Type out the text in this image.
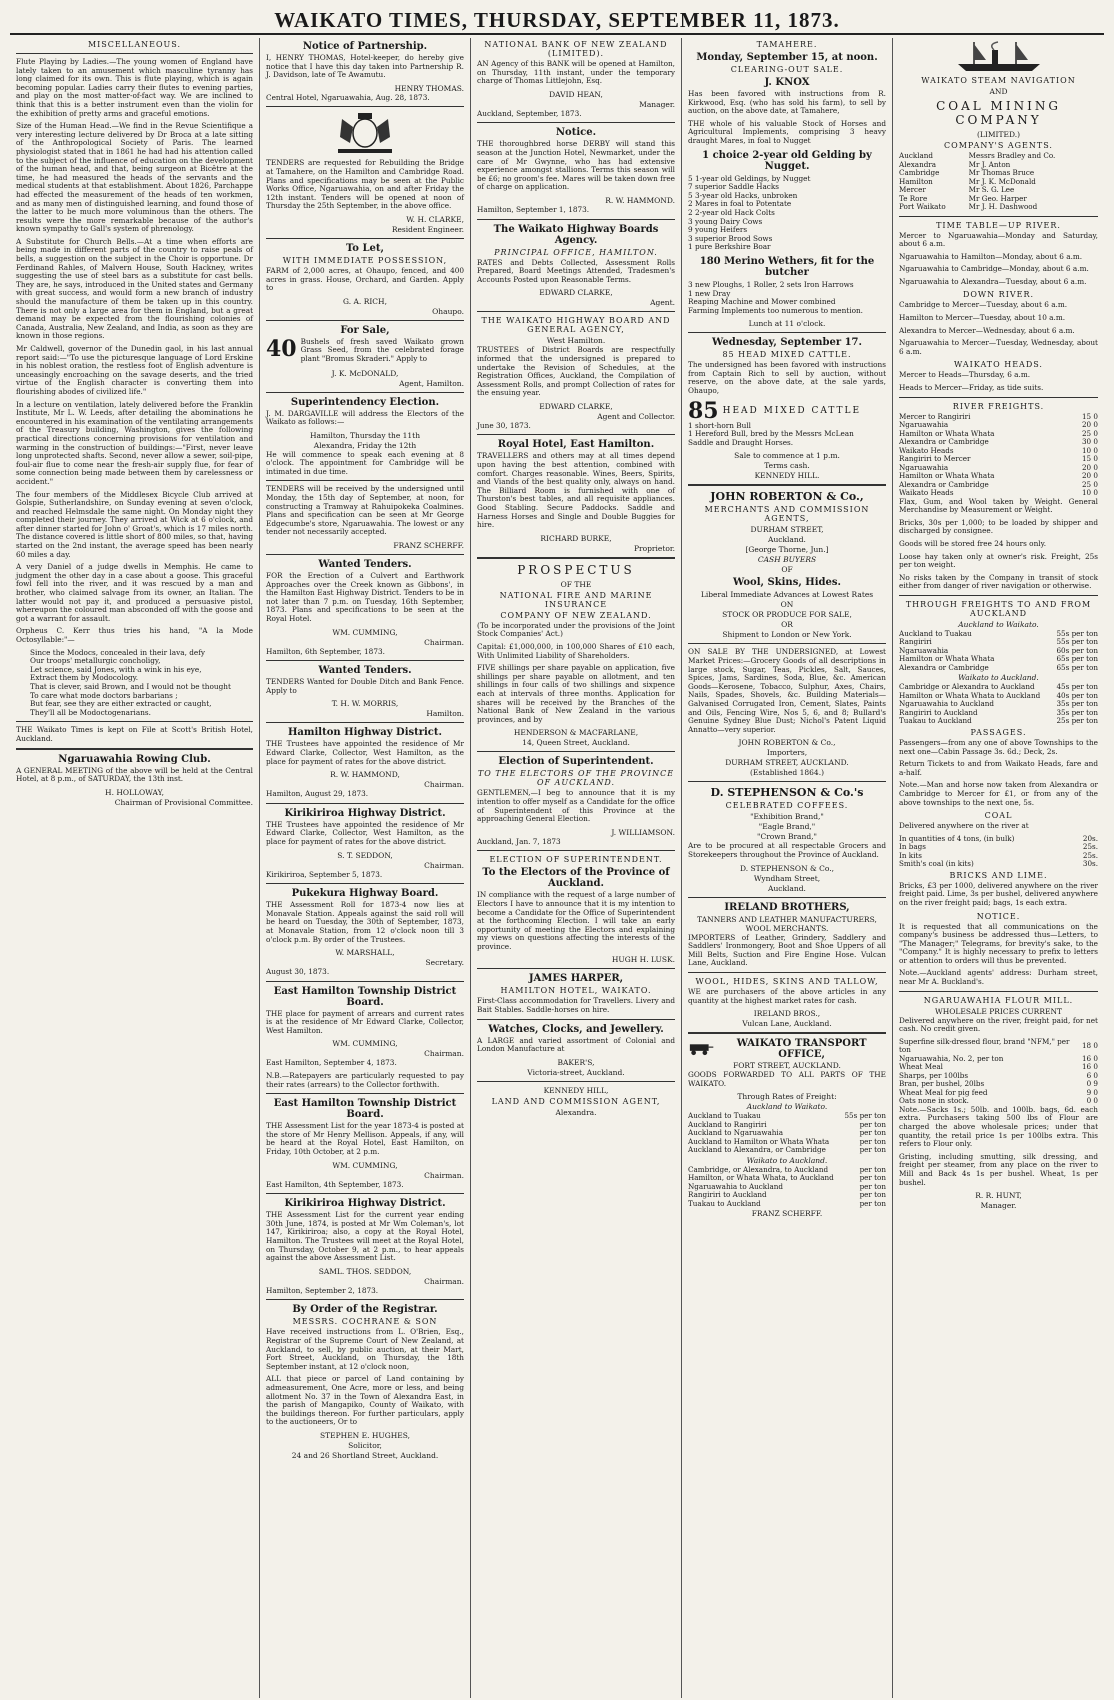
WAIKATO TIMES, THURSDAY, SEPTEMBER 11, 1873.
MISCELLANEOUS.

Flute Playing by Ladies.—The young women of England have lately taken to an amusement which masculine tyranny has long claimed for its own. This is flute playing, which is again becoming popular. Ladies carry their flutes to evening parties, and play on the most matter-of-fact way. We are inclined to think that this is a better instrument even than the violin for the exhibition of pretty arms and graceful emotions.

Size of the Human Head.—We find in the Revue Scientifique a very interesting lecture delivered by Dr Broca at a late sitting of the Anthropological Society of Paris. The learned physiologist stated that in 1861 he had had his attention called to the subject of the influence of education on the development of the human head, and that, being surgeon at Bicêtre at the time, he had measured the heads of the servants and the medical students at that establishment. About 1826, Parchappe had effected the measurement of the heads of ten workmen, and as many men of distinguished learning, and found those of the latter to be much more voluminous than the others. The results were the more remarkable because of the author's known sympathy to Gall's system of phrenology.

A Substitute for Church Bells.—At a time when efforts are being made in different parts of the country to raise peals of bells, a suggestion on the subject in the Choir is opportune. Dr Ferdinand Rahles, of Malvern House, South Hackney, writes suggesting the use of steel bars as a substitute for cast bells. They are, he says, introduced in the United states and Germany with great success, and would form a new branch of industry should the manufacture of them be taken up in this country. There is not only a large area for them in England, but a great demand may be expected from the flourishing colonies of Canada, Australia, New Zealand, and India, as soon as they are known in those regions.

Mr Caldwell, governor of the Dunedin gaol, in his last annual report said:—"To use the picturesque language of Lord Erskine in his noblest oration, the restless foot of English adventure is unceasingly encroaching on the savage deserts, and the tried virtue of the English character is converting them into flourishing abodes of civilized life."

In a lecture on ventilation, lately delivered before the Franklin Institute, Mr L. W. Leeds, after detailing the abominations he encountered in his examination of the ventilating arrangements of the Treasury building, Washington, gives the following practical directions concerning provisions for ventilation and warming in the construction of buildings:—"First, never leave long unprotected shafts. Second, never allow a sewer, soil-pipe, foul-air flue to come near the fresh-air supply flue, for fear of some connection being made between them by carelessness or accident."

The four members of the Middlesex Bicycle Club arrived at Golspie, Sutherlandshire, on Sunday evening at seven o'clock, and reached Helmsdale the same night. On Monday night they completed their journey. They arrived at Wick at 6 o'clock, and after dinner started for John o' Groat's, which is 17 miles north. The distance covered is little short of 800 miles, so that, having started on the 2nd instant, the average speed has been nearly 60 miles a day.

A very Daniel of a judge dwells in Memphis. He came to judgment the other day in a case about a goose. This graceful fowl fell into the river, and it was rescued by a man and brother, who claimed salvage from its owner, an Italian. The latter would not pay it, and produced a persuasive pistol, whereupon the coloured man absconded off with the goose and got a warrant for assault.

Orpheus C. Kerr thus tries his hand, "A la Mode Octosyllable:"—

Since the Modocs, concealed in their lava, defy

Our troops' metallurgic concholigy,

Let science, said Jones, with a wink in his eye,

Extract them by Modocology.

That is clever, said Brown, and I would not be thought

To care what mode doctors barbarians ;

But fear, see they are either extracted or caught,

They'll all be Modoctogenarians.

THE Waikato Times is kept on File at Scott's British Hotel, Auckland.

Ngaruawahia Rowing Club.

A GENERAL MEETING of the above will be held at the Central Hotel, at 8 p.m., of SATURDAY, the 13th inst.

H. HOLLOWAY,
Chairman of Provisional Committee.
Notice of Partnership.

I, HENRY THOMAS, Hotel-keeper, do hereby give notice that I have this day taken into Partnership R. J. Davidson, late of Te Awamutu.

HENRY THOMAS.

Central Hotel, Ngaruawahia, Aug. 28, 1873.

TENDERS are requested for Rebuilding the Bridge at Tamahere, on the Hamilton and Cambridge Road. Plans and specifications may be seen at the Public Works Office, Ngaruawahia, on and after Friday the 12th instant. Tenders will be opened at noon of Thursday the 25th September, in the above office.

W. H. CLARKE,
Resident Engineer.
To Let,
WITH IMMEDIATE POSSESSION,

FARM of 2,000 acres, at Ohaupo, fenced, and 400 acres in grass. House, Orchard, and Garden. Apply to

G. A. RICH,
Ohaupo.
For Sale,
40 Bushels of fresh saved Waikato grown Grass Seed, from the celebrated forage plant "Bromus Skraderi." Apply to

J. K. McDONALD,
Agent, Hamilton.
Superintendency Election.

J. M. DARGAVILLE will address the Electors of the Waikato as follows:—

Hamilton, Thursday the 11th
Alexandra, Friday the 12th

He will commence to speak each evening at 8 o'clock. The appointment for Cambridge will be intimated in due time.

TENDERS will be received by the undersigned until Monday, the 15th day of September, at noon, for constructing a Tramway at Rahuipokeka Coalmines. Plans and specification can be seen at Mr George Edgecumbe's store, Ngaruawahia. The lowest or any tender not necessarily accepted.

FRANZ SCHERFF.
Wanted Tenders.

FOR the Erection of a Culvert and Earthwork Approaches over the Creek known as Gibbons', in the Hamilton East Highway District. Tenders to be in not later than 7 p.m. on Tuesday, 16th September, 1873. Plans and specifications to be seen at the Royal Hotel.

WM. CUMMING,
Chairman.

Hamilton, 6th September, 1873.

Wanted Tenders.

TENDERS Wanted for Double Ditch and Bank Fence. Apply to

T. H. W. MORRIS,
Hamilton.
Hamilton Highway District.

THE Trustees have appointed the residence of Mr Edward Clarke, Collector, West Hamilton, as the place for payment of rates for the above district.

R. W. HAMMOND,
Chairman.

Hamilton, August 29, 1873.

Kirikiriroa Highway District.

THE Trustees have appointed the residence of Mr Edward Clarke, Collector, West Hamilton, as the place for payment of rates for the above district.

S. T. SEDDON,
Chairman.

Kirikiriroa, September 5, 1873.

Pukekura Highway Board.

THE Assessment Roll for 1873-4 now lies at Monavale Station. Appeals against the said roll will be heard on Tuesday, the 30th of September, 1873, at Monavale Station, from 12 o'clock noon till 3 o'clock p.m. By order of the Trustees.

W. MARSHALL,
Secretary.

August 30, 1873.

East Hamilton Township District Board.

THE place for payment of arrears and current rates is at the residence of Mr Edward Clarke, Collector, West Hamilton.

WM. CUMMING,
Chairman.

East Hamilton, September 4, 1873.

N.B.—Ratepayers are particularly requested to pay their rates (arrears) to the Collector forthwith.

East Hamilton Township District Board.

THE Assessment List for the year 1873-4 is posted at the store of Mr Henry Mellison. Appeals, if any, will be heard at the Royal Hotel, East Hamilton, on Friday, 10th October, at 2 p.m.

WM. CUMMING,
Chairman.

East Hamilton, 4th September, 1873.

Kirikiriroa Highway District.

THE Assessment List for the current year ending 30th June, 1874, is posted at Mr Wm Coleman's, lot 147, Kirikiriroa; also, a copy at the Royal Hotel, Hamilton. The Trustees will meet at the Royal Hotel, on Thursday, October 9, at 2 p.m., to hear appeals against the above Assessment List.

SAML. THOS. SEDDON,
Chairman.

Hamilton, September 2, 1873.

By Order of the Registrar.
MESSRS. COCHRANE & SON

Have received instructions from L. O'Brien, Esq., Registrar of the Supreme Court of New Zealand, at Auckland, to sell, by public auction, at their Mart, Fort Street, Auckland, on Thursday, the 18th September instant, at 12 o'clock noon,

ALL that piece or parcel of Land containing by admeasurement, One Acre, more or less, and being allotment No. 37 in the Town of Alexandra East, in the parish of Mangapiko, County of Waikato, with the buildings thereon. For further particulars, apply to the auctioneers, Or to

STEPHEN E. HUGHES,
Solicitor,
24 and 26 Shortland Street, Auckland.
NATIONAL BANK OF NEW ZEALAND (LIMITED).

AN Agency of this BANK will be opened at Hamilton, on Thursday, 11th instant, under the temporary charge of Thomas Littlejohn, Esq.

DAVID HEAN,
Manager.

Auckland, September, 1873.

Notice.

THE thoroughbred horse DERBY will stand this season at the Junction Hotel, Newmarket, under the care of Mr Gwynne, who has had extensive experience amongst stallions. Terms this season will be £6; no groom's fee. Mares will be taken down free of charge on application.

R. W. HAMMOND.

Hamilton, September 1, 1873.

The Waikato Highway Boards Agency.
PRINCIPAL OFFICE, HAMILTON.

RATES and Debts Collected, Assessment Rolls Prepared, Board Meetings Attended, Tradesmen's Accounts Posted upon Reasonable Terms.

EDWARD CLARKE,
Agent.
THE WAIKATO HIGHWAY BOARD AND GENERAL AGENCY,
West Hamilton.

TRUSTEES of District Boards are respectfully informed that the undersigned is prepared to undertake the Revision of Schedules, at the Registration Offices, Auckland, the Compilation of Assessment Rolls, and prompt Collection of rates for the ensuing year.

EDWARD CLARKE,
Agent and Collector.

June 30, 1873.

Royal Hotel, East Hamilton.

TRAVELLERS and others may at all times depend upon having the best attention, combined with comfort. Charges reasonable. Wines, Beers, Spirits, and Viands of the best quality only, always on hand. The Billiard Room is furnished with one of Thurston's best tables, and all requisite appliances. Good Stabling. Secure Paddocks. Saddle and Harness Horses and Single and Double Buggies for hire.

RICHARD BURKE,
Proprietor.
PROSPECTUS
OF THE
NATIONAL FIRE AND MARINE INSURANCE
COMPANY OF NEW ZEALAND.

(To be incorporated under the provisions of the Joint Stock Companies' Act.)

Capital: £1,000,000, in 100,000 Shares of £10 each, With Unlimited Liability of Shareholders.

FIVE shillings per share payable on application, five shillings per share payable on allotment, and ten shillings in four calls of two shillings and sixpence each at intervals of three months. Application for shares will be received by the Branches of the National Bank of New Zealand in the various provinces, and by

HENDERSON & MACFARLANE,
14, Queen Street, Auckland.
Election of Superintendent.
TO THE ELECTORS OF THE PROVINCE OF AUCKLAND.

GENTLEMEN,—I beg to announce that it is my intention to offer myself as a Candidate for the office of Superintendent of this Province at the approaching General Election.

J. WILLIAMSON.

Auckland, Jan. 7, 1873

ELECTION OF SUPERINTENDENT.
To the Electors of the Province of Auckland.

IN compliance with the request of a large number of Electors I have to announce that it is my intention to become a Candidate for the Office of Superintendent at the forthcoming Election. I will take an early opportunity of meeting the Electors and explaining my views on questions affecting the interests of the province.

HUGH H. LUSK.
JAMES HARPER,
HAMILTON HOTEL, WAIKATO.

First-Class accommodation for Travellers. Livery and Bait Stables. Saddle-horses on hire.

Watches, Clocks, and Jewellery.

A LARGE and varied assortment of Colonial and London Manufacture at

BAKER'S,
Victoria-street, Auckland.
KENNEDY HILL,
LAND AND COMMISSION AGENT,
Alexandra.
TAMAHERE.
Monday, September 15, at noon.
CLEARING-OUT SALE.
J. KNOX

Has been favored with instructions from R. Kirkwood, Esq. (who has sold his farm), to sell by auction, on the above date, at Tamahere,

THE whole of his valuable Stock of Horses and Agricultural Implements, comprising 3 heavy draught Mares, in foal to Nugget

1 choice 2-year old Gelding by Nugget.
5 1-year old Geldings, by Nugget
7 superior Saddle Hacks
5 3-year old Hacks, unbroken
2 Mares in foal to Potentate
2 2-year old Hack Colts
3 young Dairy Cows
9 young Heifers
3 superior Brood Sows
1 pure Berkshire Boar
180 Merino Wethers, fit for the butcher
3 new Ploughs, 1 Roller, 2 sets Iron Harrows
1 new Dray
Reaping Machine and Mower combined
Farming Implements too numerous to mention.
Lunch at 11 o'clock.
Wednesday, September 17.
85 HEAD MIXED CATTLE.

The undersigned has been favored with instructions from Captain Rich to sell by auction, without reserve, on the above date, at the sale yards, Ohaupo,

85 HEAD MIXED CATTLE
1 short-horn Bull
1 Hereford Bull, bred by the Messrs McLean
Saddle and Draught Horses.
Sale to commence at 1 p.m.
Terms cash.
KENNEDY HILL.
JOHN ROBERTON & Co.,
MERCHANTS AND COMMISSION AGENTS,
DURHAM STREET,
Auckland.
[George Thorne, Jun.]
CASH BUYERS
OF
Wool, Skins, Hides.
Liberal Immediate Advances at Lowest Rates
ON
STOCK OR PRODUCE FOR SALE,
OR
Shipment to London or New York.

ON SALE BY THE UNDERSIGNED, at Lowest Market Prices:—Grocery Goods of all descriptions in large stock, Sugar, Teas, Pickles, Salt, Sauces, Spices, Jams, Sardines, Soda, Blue, &c. American Goods—Kerosene, Tobacco, Sulphur, Axes, Chairs, Nails, Spades, Shovels, &c. Building Materials—Galvanised Corrugated Iron, Cement, Slates, Paints and Oils, Fencing Wire, Nos 5, 6, and 8; Bullard's Genuine Sydney Blue Dust; Nichol's Patent Liquid Annatto—very superior.

JOHN ROBERTON & Co.,
Importers,
DURHAM STREET, AUCKLAND.
(Established 1864.)
D. STEPHENSON & Co.'s
CELEBRATED COFFEES.
"Exhibition Brand,"
"Eagle Brand,"
"Crown Brand,"

Are to be procured at all respectable Grocers and Storekeepers throughout the Province of Auckland.

D. STEPHENSON & Co.,
Wyndham Street,
Auckland.
IRELAND BROTHERS,
TANNERS AND LEATHER MANUFACTURERS, WOOL MERCHANTS.

IMPORTERS of Leather, Grindery, Saddlery and Saddlers' Ironmongery, Boot and Shoe Uppers of all Mill Belts, Suction and Fire Engine Hose. Vulcan Lane, Auckland.

WOOL, HIDES, SKINS AND TALLOW,

WE are purchasers of the above articles in any quantity at the highest market rates for cash.

IRELAND BROS.,
Vulcan Lane, Auckland.
WAIKATO TRANSPORT OFFICE,
FORT STREET, AUCKLAND.

GOODS FORWARDED TO ALL PARTS OF THE WAIKATO.

Through Rates of Freight:
Auckland to Waikato.
Auckland to Tuakau	55s per ton
Auckland to Rangiriri	per ton
Auckland to Ngaruawahia	per ton
Auckland to Hamilton or Whata Whata	per ton
Auckland to Alexandra, or Cambridge	per ton
Waikato to Auckland.
Cambridge, or Alexandra, to Auckland	per ton
Hamilton, or Whata Whata, to Auckland	per ton
Ngaruawahia to Auckland	per ton
Rangiriri to Auckland	per ton
Tuakau to Auckland	per ton
FRANZ SCHERFF.
WAIKATO STEAM NAVIGATION
AND
COAL MINING COMPANY
(LIMITED.)
COMPANY'S AGENTS.
Auckland	Messrs Bradley and Co.
Alexandra	Mr J. Anton
Cambridge	Mr Thomas Bruce
Hamilton	Mr J. K. McDonald
Mercer	Mr S. G. Lee
Te Rore	Mr Geo. Harper
Port Waikato	Mr J. H. Dashwood
TIME TABLE—UP RIVER.

Mercer to Ngaruawahia—Monday and Saturday, about 6 a.m.

Ngaruawahia to Hamilton—Monday, about 6 a.m.

Ngaruawahia to Cambridge—Monday, about 6 a.m.

Ngaruawahia to Alexandra—Tuesday, about 6 a.m.

DOWN RIVER.

Cambridge to Mercer—Tuesday, about 6 a.m.

Hamilton to Mercer—Tuesday, about 10 a.m.

Alexandra to Mercer—Wednesday, about 6 a.m.

Ngaruawahia to Mercer—Tuesday, Wednesday, about 6 a.m.

WAIKATO HEADS.

Mercer to Heads—Thursday, 6 a.m.

Heads to Mercer—Friday, as tide suits.

RIVER FREIGHTS.
Mercer to Rangiriri	15 0
Ngaruawahia	20 0
Hamilton or Whata Whata	25 0
Alexandra or Cambridge	30 0
Waikato Heads	10 0
Rangiriri to Mercer	15 0
Ngaruawahia	20 0
Hamilton or Whata Whata	20 0
Alexandra or Cambridge	25 0
Waikato Heads	10 0

Flax, Gum, and Wool taken by Weight. General Merchandise by Measurement or Weight.

Bricks, 30s per 1,000; to be loaded by shipper and discharged by consignee.

Goods will be stored free 24 hours only.

Loose hay taken only at owner's risk. Freight, 25s per ton weight.

No risks taken by the Company in transit of stock either from danger of river navigation or otherwise.

THROUGH FREIGHTS TO AND FROM AUCKLAND
Auckland to Waikato.
Auckland to Tuakau	55s per ton
Rangiriri	55s per ton
Ngaruawahia	60s per ton
Hamilton or Whata Whata	65s per ton
Alexandra or Cambridge	65s per ton
Waikato to Auckland.
Cambridge or Alexandra to Auckland	45s per ton
Hamilton or Whata Whata to Auckland	40s per ton
Ngaruawahia to Auckland	35s per ton
Rangiriri to Auckland	35s per ton
Tuakau to Auckland	25s per ton
PASSAGES.

Passengers—from any one of above Townships to the next one—Cabin Passage 3s. 6d.; Deck, 2s.

Return Tickets to and from Waikato Heads, fare and a-half.

Note.—Man and horse now taken from Alexandra or Cambridge to Mercer for £1, or from any of the above townships to the next one, 5s.

COAL

Delivered anywhere on the river at

In quantities of 4 tons, (in bulk)	20s.
In bags	25s.
In kits	25s.
Smith's coal (in kits)	30s.
BRICKS AND LIME.

Bricks, £3 per 1000, delivered anywhere on the river freight paid. Lime, 3s per bushel, delivered anywhere on the river freight paid; bags, 1s each extra.

NOTICE.

It is requested that all communications on the company's business be addressed thus—Letters, to "The Manager;" Telegrams, for brevity's sake, to the "Company." It is highly necessary to prefix to letters or attention to orders will thus be prevented.

Note.—Auckland agents' address: Durham street, near Mr A. Buckland's.

NGARUAWAHIA FLOUR MILL.
WHOLESALE PRICES CURRENT

Delivered anywhere on the river, freight paid, for net cash. No credit given.

Superfine silk-dressed flour, brand "NFM," per ton	18 0
Ngaruawahia, No. 2, per ton	16 0
Wheat Meal	16 0
Sharps, per 100lbs	6 0
Bran, per bushel, 20lbs	0 9
Wheat Meal for pig feed	9 0
Oats none in stock.	0 0

Note.—Sacks 1s.; 50lb. and 100lb. bags, 6d. each extra. Purchasers taking 500 lbs of Flour are charged the above wholesale prices; under that quantity, the retail price 1s per 100lbs extra. This refers to Flour only.

Gristing, including smutting, silk dressing, and freight per steamer, from any place on the river to Mill and Back 4s 1s per bushel. Wheat, 1s per bushel.

R. R. HUNT,
Manager.
